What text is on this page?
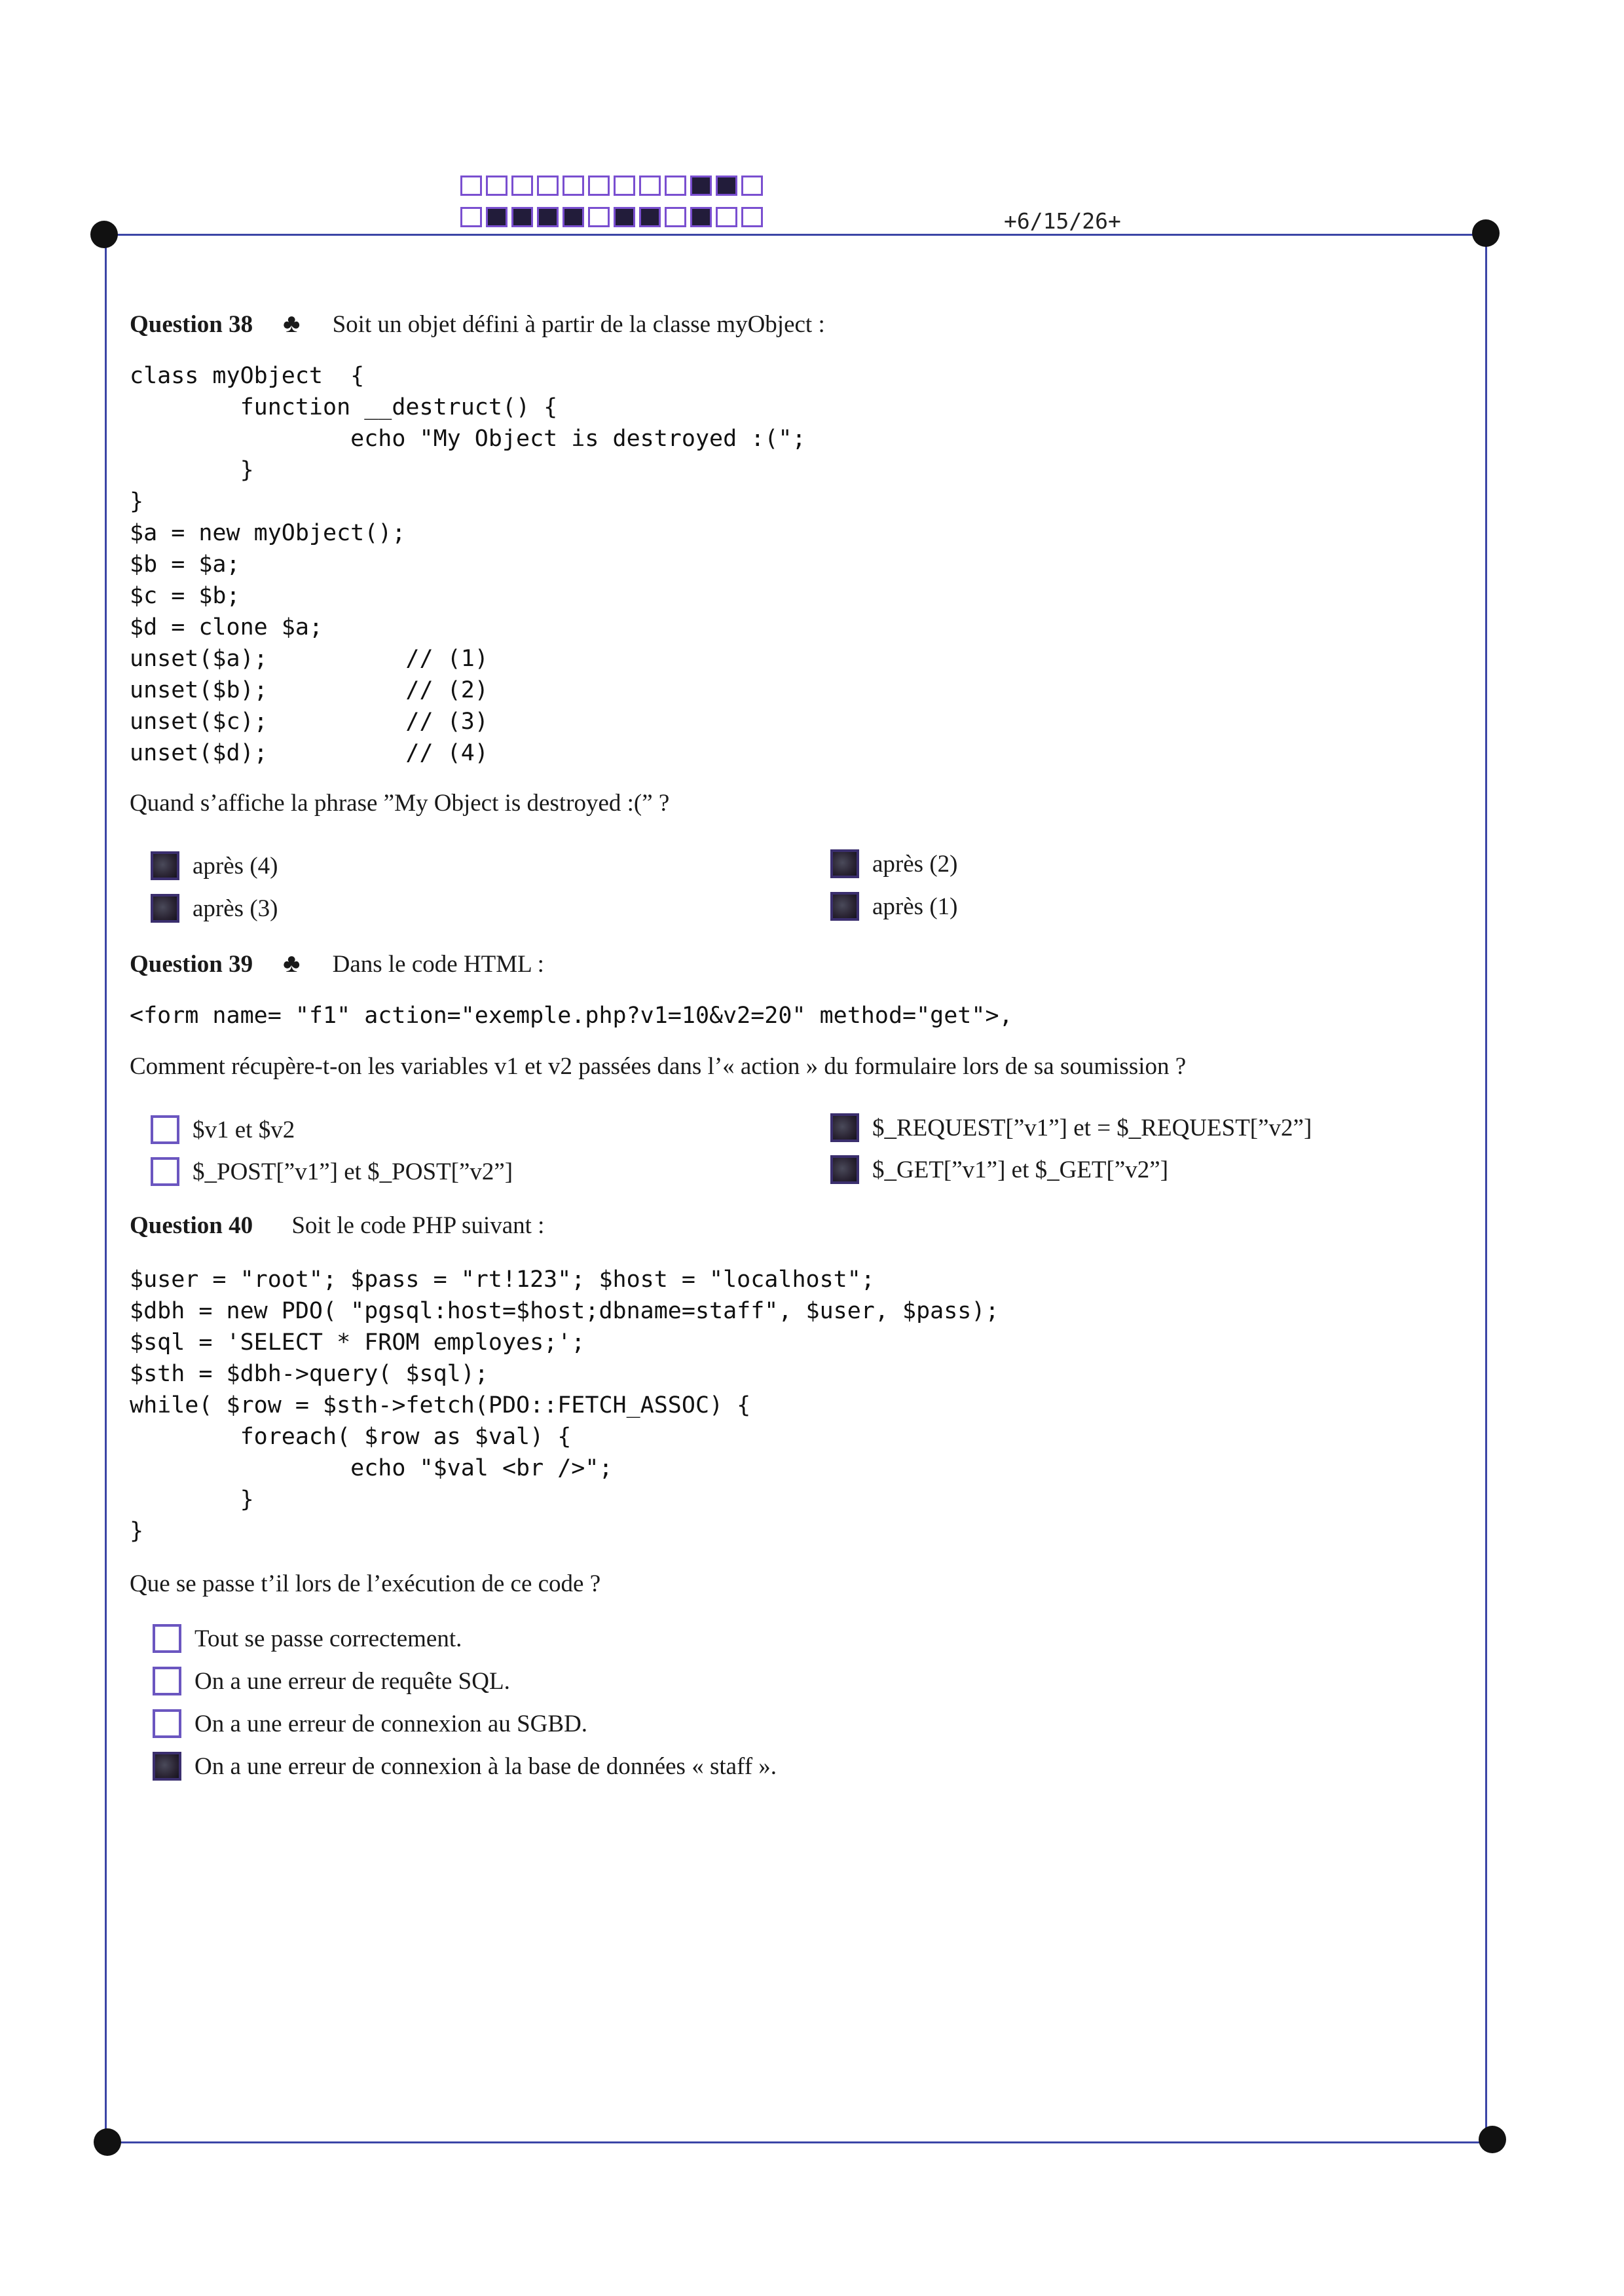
+6/15/26+
Question 38 ♣ Soit un objet défini à partir de la classe myObject :
class myObject  {
function __destruct() {
echo "My Object is destroyed :(";
}
}
$a = new myObject();
$b = $a;
$c = $b;
$d = clone $a;
unset($a);          // (1)
unset($b);          // (2)
unset($c);          // (3)
unset($d);          // (4)
Quand s’affiche la phrase ”My Object is destroyed :(” ?
après (4)	après (2)
après (3)	après (1)
Question 39 ♣ Dans le code HTML :
<form name= "f1" action="exemple.php?v1=10&v2=20" method="get">,
Comment récupère-t-on les variables v1 et v2 passées dans l’« action » du formulaire lors de sa soumission ?
$v1 et $v2	$_REQUEST[”v1”] et = $_REQUEST[”v2”]
$_POST[”v1”] et $_POST[”v2”]	$_GET[”v1”] et $_GET[”v2”]
Question 40 Soit le code PHP suivant :
$user = "root"; $pass = "rt!123"; $host = "localhost";
$dbh = new PDO( "pgsql:host=$host;dbname=staff", $user, $pass);
$sql = 'SELECT * FROM employes;';
$sth = $dbh->query( $sql);
while( $row = $sth->fetch(PDO::FETCH_ASSOC) {
foreach( $row as $val) {
echo "$val <br />";
}
}
Que se passe t’il lors de l’exécution de ce code ?
Tout se passe correctement.
On a une erreur de requête SQL.
On a une erreur de connexion au SGBD.
On a une erreur de connexion à la base de données « staff ».
